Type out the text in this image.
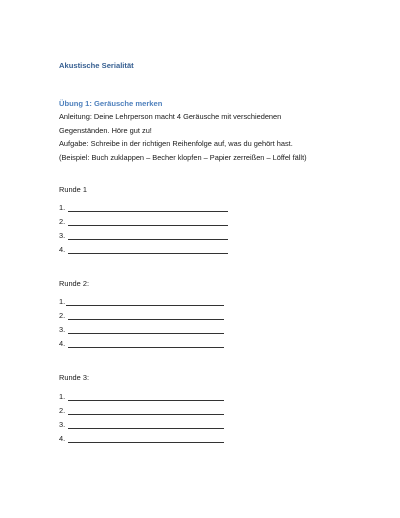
Akustische Serialität
Übung 1: Geräusche merken
Anleitung: Deine Lehrperson macht 4 Geräusche mit verschiedenen
Gegenständen. Höre gut zu!
Aufgabe: Schreibe in der richtigen Reihenfolge auf, was du gehört hast.
(Beispiel: Buch zuklappen – Becher klopfen – Papier zerreißen – Löffel fällt)
Runde 1
1.
2.
3.
4.
Runde 2:
1.
2.
3.
4.
Runde 3:
1.
2.
3.
4.
